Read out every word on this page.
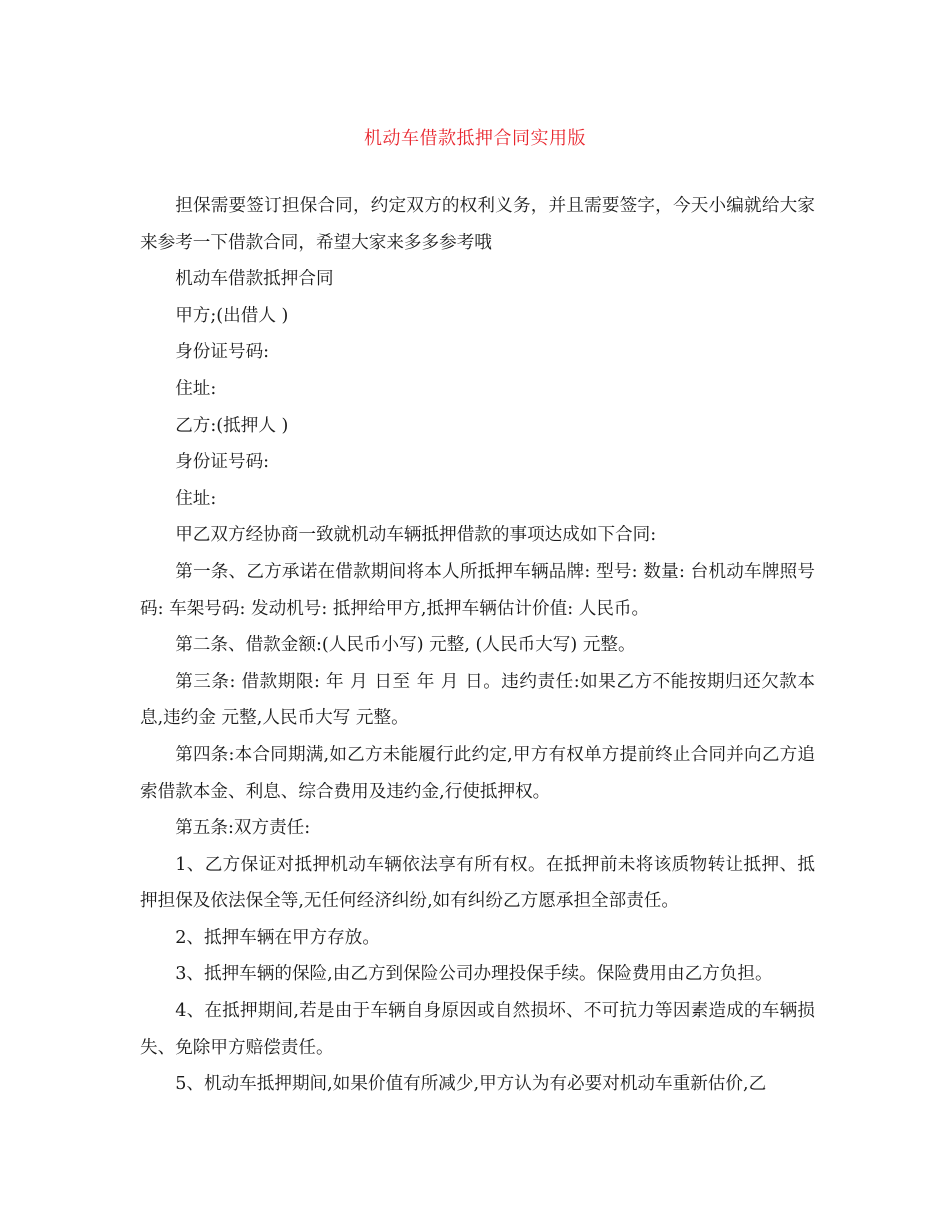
机动车借款抵押合同实用版

担保需要签订担保合同，约定双方的权利义务，并且需要签字，今天小编就给大家来参考一下借款合同，希望大家来多多参考哦

机动车借款抵押合同

甲方;(出借人 )

身份证号码:

住址:

乙方:(抵押人 )

身份证号码:

住址:

甲乙双方经协商一致就机动车辆抵押借款的事项达成如下合同:

第一条、乙方承诺在借款期间将本人所抵押车辆品牌: 型号: 数量: 台机动车牌照号码: 车架号码: 发动机号: 抵押给甲方,抵押车辆估计价值: 人民币。

第二条、借款金额:(人民币小写) 元整, (人民币大写) 元整。

第三条: 借款期限: 年 月 日至 年 月 日。违约责任:如果乙方不能按期归还欠款本息,违约金 元整,人民币大写 元整。

第四条:本合同期满,如乙方未能履行此约定,甲方有权单方提前终止合同并向乙方追索借款本金、利息、综合费用及违约金,行使抵押权。

第五条:双方责任:

1、乙方保证对抵押机动车辆依法享有所有权。在抵押前未将该质物转让抵押、抵押担保及依法保全等,无任何经济纠纷,如有纠纷乙方愿承担全部责任。

2、抵押车辆在甲方存放。

3、抵押车辆的保险,由乙方到保险公司办理投保手续。保险费用由乙方负担。

4、在抵押期间,若是由于车辆自身原因或自然损坏、不可抗力等因素造成的车辆损失、免除甲方赔偿责任。

5、机动车抵押期间,如果价值有所减少,甲方认为有必要对机动车重新估价,乙
